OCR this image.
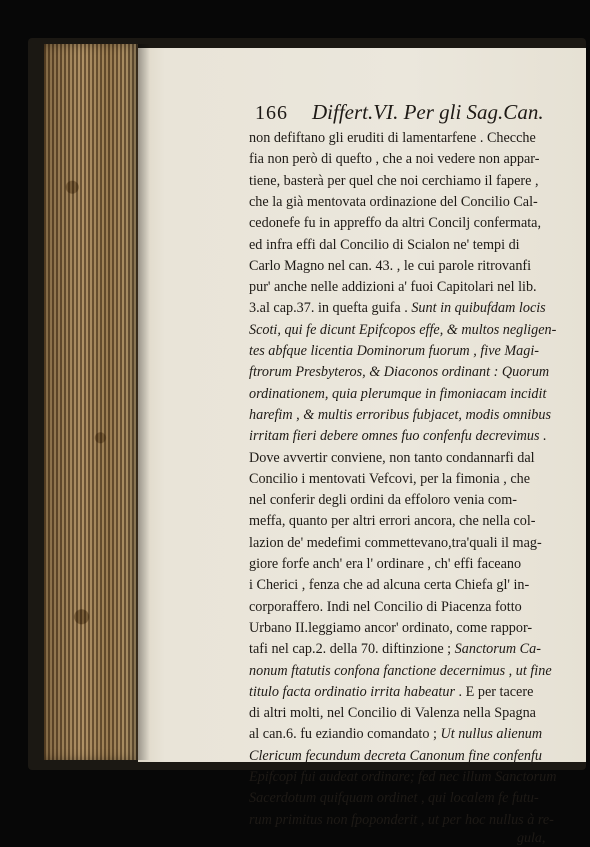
166 Differt.VI. Per gli Sag.Can.
non defiftano gli eruditi di lamentarfene . Checche
fia non però di quefto , che a noi vedere non appar-
tiene, basterà per quel che noi cerchiamo il fapere ,
che la già mentovata ordinazione del Concilio Cal-
cedonefe fu in appreffo da altri Concilj confermata,
ed infra effi dal Concilio di Scialon ne' tempi di
Carlo Magno nel can. 43. , le cui parole ritrovanfi
pur' anche nelle addizioni a' fuoi Capitolari nel lib.
3.al cap.37. in quefta guifa . Sunt in quibufdam locis
Scoti, qui fe dicunt Epifcopos effe, & multos negligen-
tes abfque licentia Dominorum fuorum , five Magi-
ftrorum Presbyteros, & Diaconos ordinant : Quorum
ordinationem, quia plerumque in fimoniacam incidit
harefim , & multis erroribus fubjacet, modis omnibus
irritam fieri debere omnes fuo confenfu decrevimus .
Dove avvertir conviene, non tanto condannarfi dal
Concilio i mentovati Vefcovi, per la fimonia , che
nel conferir degli ordini da effoloro venia com-
meffa, quanto per altri errori ancora, che nella col-
lazion de' medefimi commettevano,tra'quali il mag-
giore forfe anch' era l' ordinare , ch' effi faceano
i Cherici , fenza che ad alcuna certa Chiefa gl' in-
corporaffero. Indi nel Concilio di Piacenza fotto
Urbano II.leggiamo ancor' ordinato, come rappor-
tafi nel cap.2. della 70. diftinzione ; Sanctorum Ca-
nonum ftatutis confona fanctione decernimus , ut fine
titulo facta ordinatio irrita habeatur . E per tacere
di altri molti, nel Concilio di Valenza nella Spagna
al can.6. fu eziandio comandato ; Ut nullus alienum
Clericum fecundum decreta Canonum fine confenfu
Epifcopi fui audeat ordinare; fed nec illum Sanctorum
Sacerdotum quifquam ordinet , qui localem fe futu-
rum primitus non fpoponderit , ut per hoc nullus à re-
gula,
